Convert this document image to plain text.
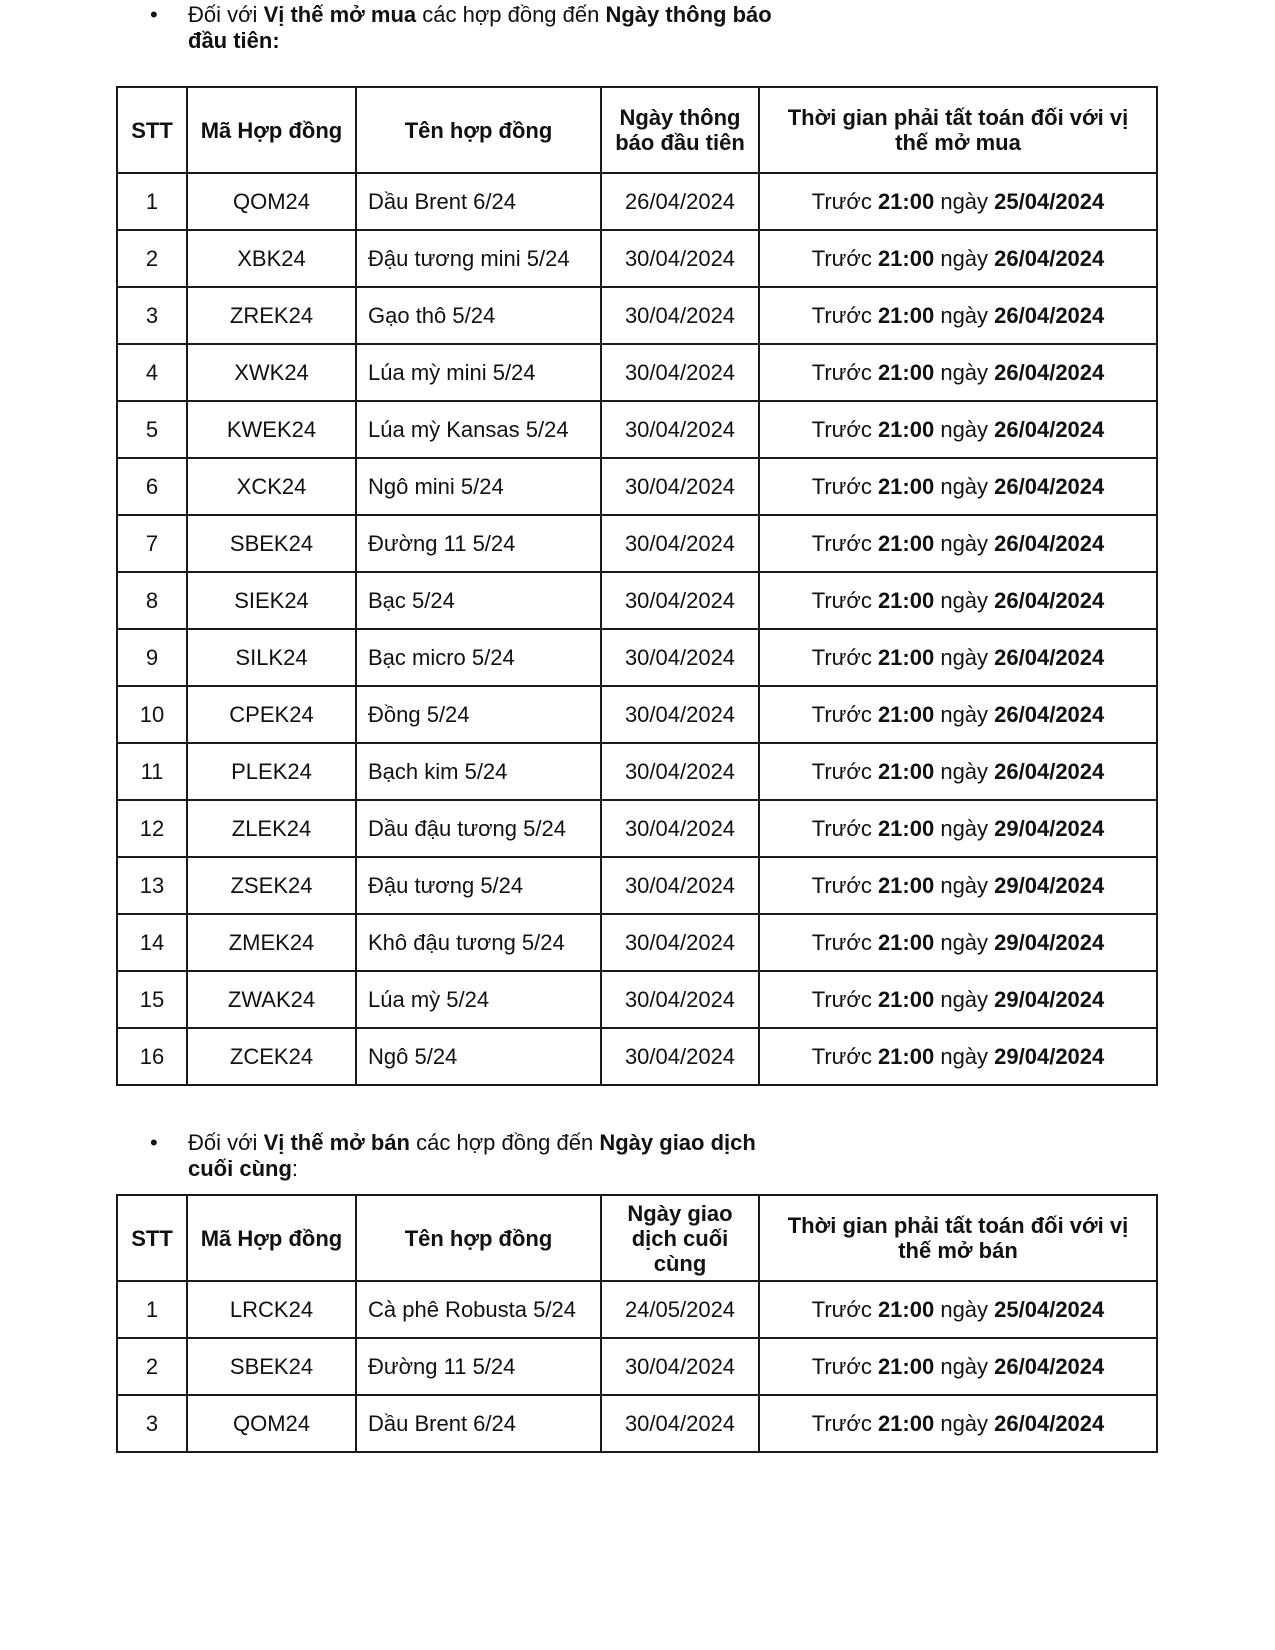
• Đối với Vị thế mở mua các hợp đồng đến Ngày thông báo đầu tiên:
STT	Mã Hợp đồng	Tên hợp đồng	Ngày thông báo đầu tiên	Thời gian phải tất toán đối với vị thế mở mua
1	QOM24	Dầu Brent 6/24	26/04/2024	Trước 21:00 ngày 25/04/2024
2	XBK24	Đậu tương mini 5/24	30/04/2024	Trước 21:00 ngày 26/04/2024
3	ZREK24	Gạo thô 5/24	30/04/2024	Trước 21:00 ngày 26/04/2024
4	XWK24	Lúa mỳ mini 5/24	30/04/2024	Trước 21:00 ngày 26/04/2024
5	KWEK24	Lúa mỳ Kansas 5/24	30/04/2024	Trước 21:00 ngày 26/04/2024
6	XCK24	Ngô mini 5/24	30/04/2024	Trước 21:00 ngày 26/04/2024
7	SBEK24	Đường 11 5/24	30/04/2024	Trước 21:00 ngày 26/04/2024
8	SIEK24	Bạc 5/24	30/04/2024	Trước 21:00 ngày 26/04/2024
9	SILK24	Bạc micro 5/24	30/04/2024	Trước 21:00 ngày 26/04/2024
10	CPEK24	Đồng 5/24	30/04/2024	Trước 21:00 ngày 26/04/2024
11	PLEK24	Bạch kim 5/24	30/04/2024	Trước 21:00 ngày 26/04/2024
12	ZLEK24	Dầu đậu tương 5/24	30/04/2024	Trước 21:00 ngày 29/04/2024
13	ZSEK24	Đậu tương 5/24	30/04/2024	Trước 21:00 ngày 29/04/2024
14	ZMEK24	Khô đậu tương 5/24	30/04/2024	Trước 21:00 ngày 29/04/2024
15	ZWAK24	Lúa mỳ 5/24	30/04/2024	Trước 21:00 ngày 29/04/2024
16	ZCEK24	Ngô 5/24	30/04/2024	Trước 21:00 ngày 29/04/2024
• Đối với Vị thế mở bán các hợp đồng đến Ngày giao dịch cuối cùng:
STT	Mã Hợp đồng	Tên hợp đồng	Ngày giao dịch cuối cùng	Thời gian phải tất toán đối với vị thế mở bán
1	LRCK24	Cà phê Robusta 5/24	24/05/2024	Trước 21:00 ngày 25/04/2024
2	SBEK24	Đường 11 5/24	30/04/2024	Trước 21:00 ngày 26/04/2024
3	QOM24	Dầu Brent 6/24	30/04/2024	Trước 21:00 ngày 26/04/2024
